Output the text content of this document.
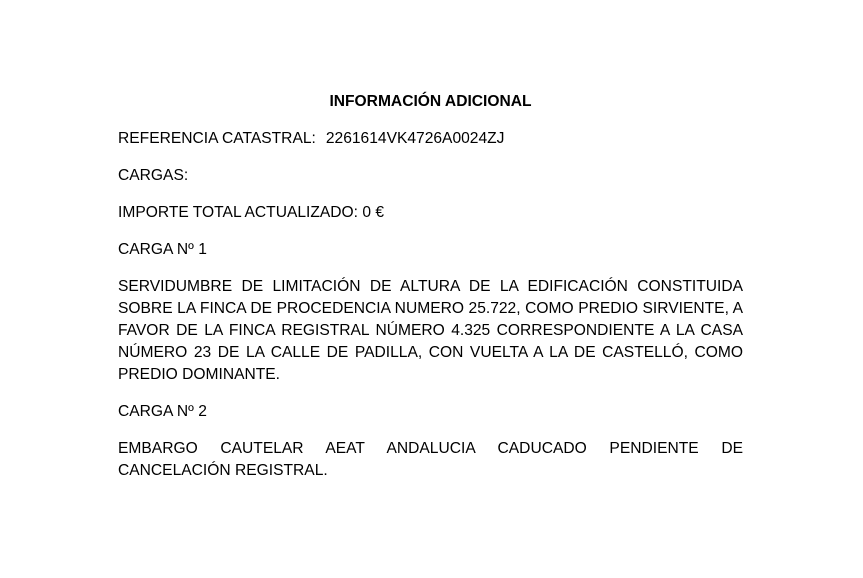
INFORMACIÓN ADICIONAL
REFERENCIA CATASTRAL: 2261614VK4726A0024ZJ
CARGAS:
IMPORTE TOTAL ACTUALIZADO: 0 €
CARGA Nº 1
SERVIDUMBRE DE LIMITACIÓN DE ALTURA DE LA EDIFICACIÓN CONSTITUIDA SOBRE LA FINCA DE PROCEDENCIA NUMERO 25.722, COMO PREDIO SIRVIENTE, A FAVOR DE LA FINCA REGISTRAL NÚMERO 4.325 CORRESPONDIENTE A LA CASA NÚMERO 23 DE LA CALLE DE PADILLA, CON VUELTA A LA DE CASTELLÓ, COMO PREDIO DOMINANTE.
CARGA Nº 2
EMBARGO CAUTELAR AEAT ANDALUCIA CADUCADO PENDIENTE DE CANCELACIÓN REGISTRAL.
